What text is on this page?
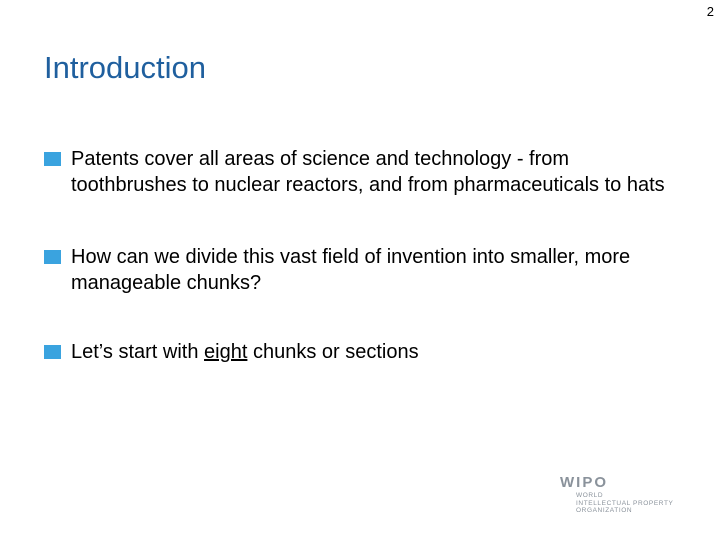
2
Introduction
Patents cover all areas of science and technology - from toothbrushes to nuclear reactors, and from pharmaceuticals to hats
How can we divide this vast field of invention into smaller, more manageable chunks?
Let’s start with eight chunks or sections
WIPO
WORLD
INTELLECTUAL PROPERTY
ORGANIZATION
